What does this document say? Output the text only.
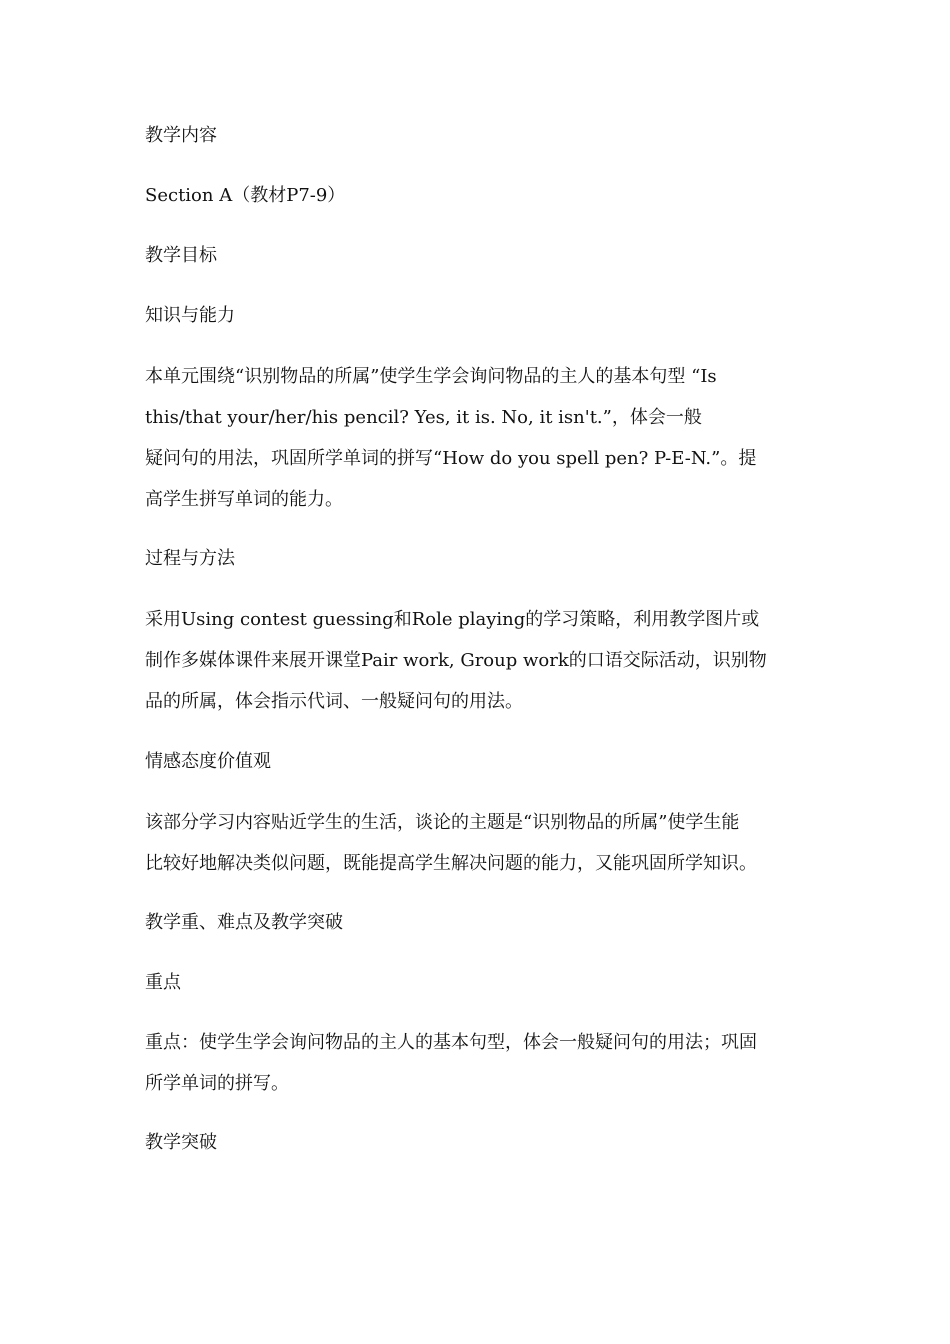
教学内容
Section A（教材P7-9）
教学目标
知识与能力
本单元围绕“识别物品的所属”使学生学会询问物品的主人的基本句型 “Is
this/that your/her/his pencil? Yes, it is. No, it isn't.”，体会一般
疑问句的用法，巩固所学单词的拼写“How do you spell pen? P-E-N.”。提
高学生拼写单词的能力。
过程与方法
采用Using contest guessing和Role playing的学习策略，利用教学图片或
制作多媒体课件来展开课堂Pair work, Group work的口语交际活动，识别物
品的所属，体会指示代词、一般疑问句的用法。
情感态度价值观
该部分学习内容贴近学生的生活，谈论的主题是“识别物品的所属”使学生能
比较好地解决类似问题，既能提高学生解决问题的能力，又能巩固所学知识。
教学重、难点及教学突破
重点
重点：使学生学会询问物品的主人的基本句型，体会一般疑问句的用法；巩固
所学单词的拼写。
教学突破
